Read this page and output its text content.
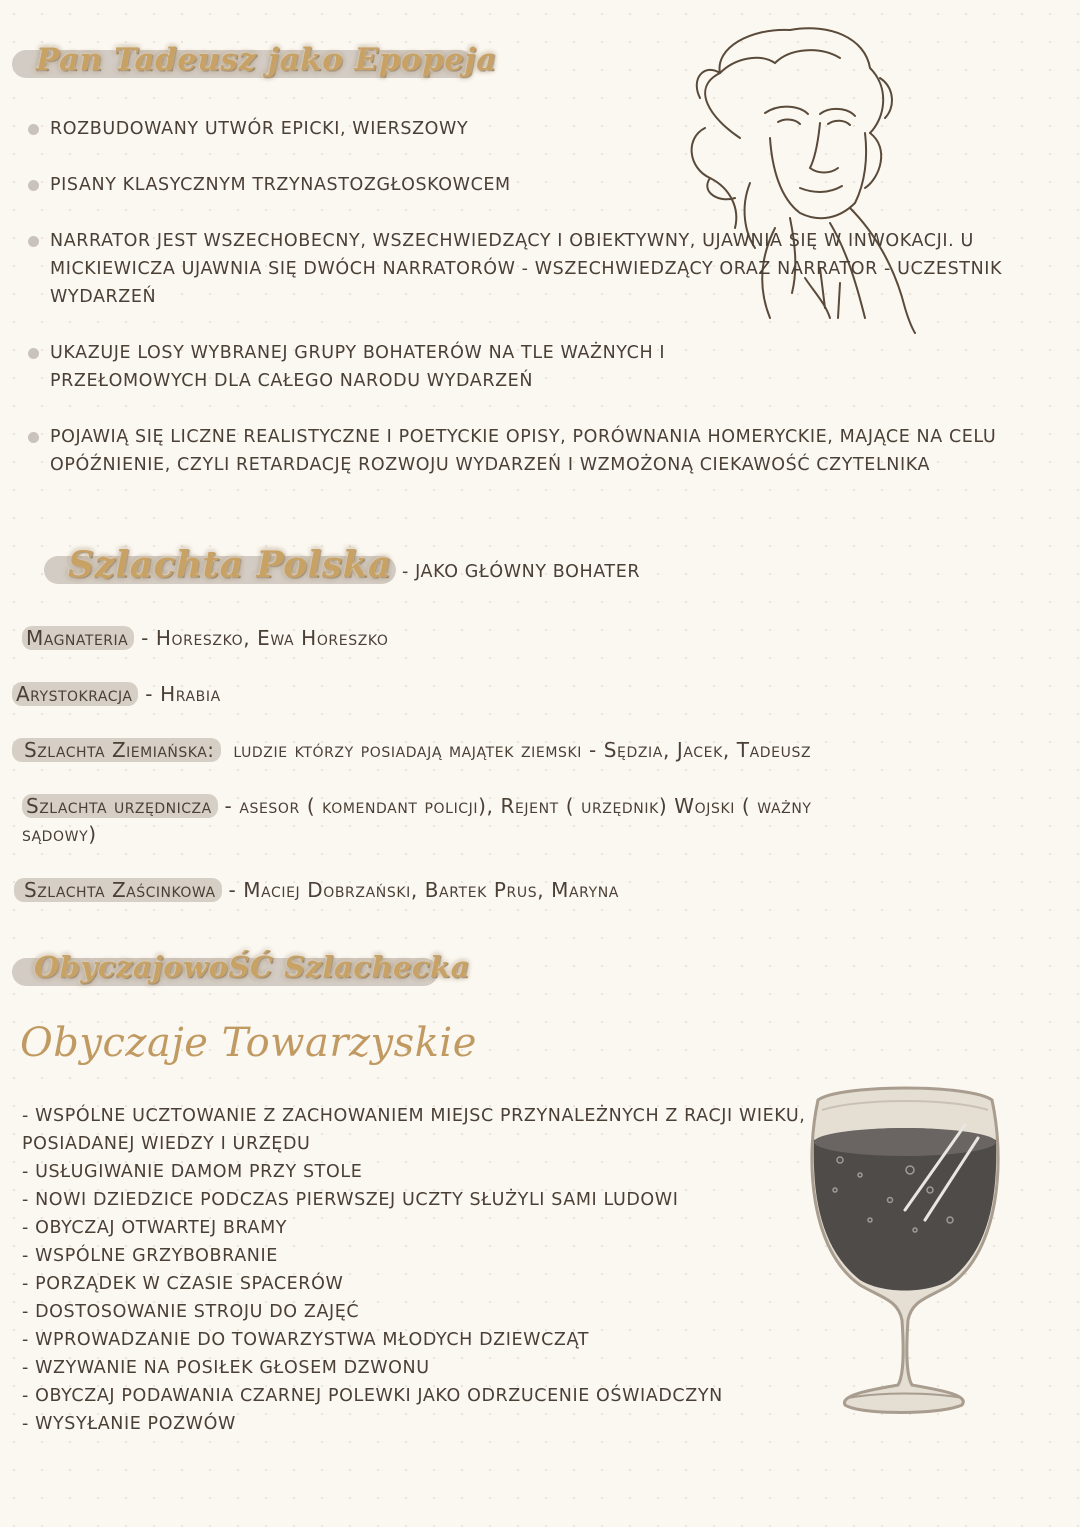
Pan Tadeusz jako Epopeja
ROZBUDOWANY UTWÓR EPICKI, WIERSZOWY
PISANY KLASYCZNYM TRZYNASTOZGŁOSKOWCEM
NARRATOR JEST WSZECHOBECNY, WSZECHWIEDZĄCY I OBIEKTYWNY, UJAWNIA SIĘ W INWOKACJI. U MICKIEWICZA UJAWNIA SIĘ DWÓCH NARRATORÓW - WSZECHWIEDZĄCY ORAZ NARRATOR - UCZESTNIK WYDARZEŃ
UKAZUJE LOSY WYBRANEJ GRUPY BOHATERÓW NA TLE WAŻNYCH I PRZEŁOMOWYCH DLA CAŁEGO NARODU WYDARZEŃ
POJAWIĄ SIĘ LICZNE REALISTYCZNE I POETYCKIE OPISY, PORÓWNANIA HOMERYCKIE, MAJĄCE NA CELU OPÓŹNIENIE, CZYLI RETARDACJĘ ROZWOJU WYDARZEŃ I WZMOŻONĄ CIEKAWOŚĆ CZYTELNIKA
Szlachta Polska - JAKO GŁÓWNY BOHATER
Magnateria - Horeszko, Ewa Horeszko
Arystokracja - Hrabia
Szlachta Ziemiańska: ludzie którzy posiadają majątek ziemski - Sędzia, Jacek, Tadeusz
Szlachta urzędnicza - asesor ( komendant policji), Rejent ( urzędnik) Wojski ( ważny
sądowy)
Szlachta Zaścinkowa - Maciej Dobrzański, Bartek Prus, Maryna
ObyczajowoŚĆ Szlachecka
Obyczaje Towarzyskie
- WSPÓLNE UCZTOWANIE Z ZACHOWANIEM MIEJSC PRZYNALEŻNYCH Z RACJI WIEKU,
POSIADANEJ WIEDZY I URZĘDU
- USŁUGIWANIE DAMOM PRZY STOLE
- NOWI DZIEDZICE PODCZAS PIERWSZEJ UCZTY SŁUŻYLI SAMI LUDOWI
- OBYCZAJ OTWARTEJ BRAMY
- WSPÓLNE GRZYBOBRANIE
- PORZĄDEK W CZASIE SPACERÓW
- DOSTOSOWANIE STROJU DO ZAJĘĆ
- WPROWADZANIE DO TOWARZYSTWA MŁODYCH DZIEWCZĄT
- WZYWANIE NA POSIŁEK GŁOSEM DZWONU
- OBYCZAJ PODAWANIA CZARNEJ POLEWKI JAKO ODRZUCENIE OŚWIADCZYN
- WYSYŁANIE POZWÓW
